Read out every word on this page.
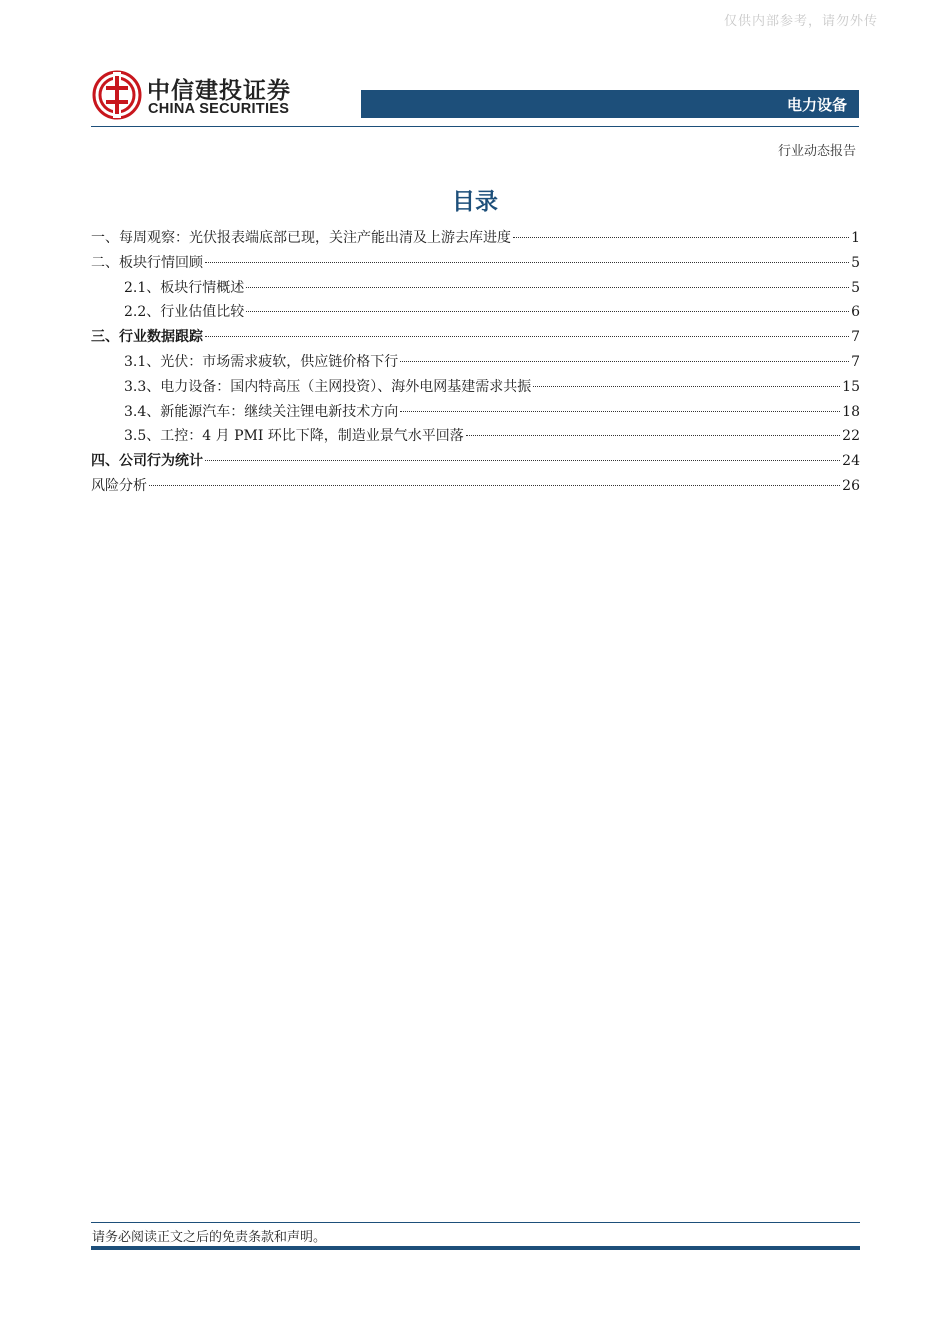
仅供内部参考，请勿外传
中信建投证券
CHINA SECURITIES	电力设备
行业动态报告
目录
一、每周观察：光伏报表端底部已现，关注产能出清及上游去库进度	1
二、板块行情回顾	5
2.1、板块行情概述	5
2.2、行业估值比较	6
三、行业数据跟踪	7
3.1、光伏：市场需求疲软，供应链价格下行	7
3.3、电力设备：国内特高压（主网投资）、海外电网基建需求共振	15
3.4、新能源汽车：继续关注锂电新技术方向	18
3.5、工控：4 月 PMI 环比下降，制造业景气水平回落	22
四、公司行为统计	24
风险分析	26
请务必阅读正文之后的免责条款和声明。
